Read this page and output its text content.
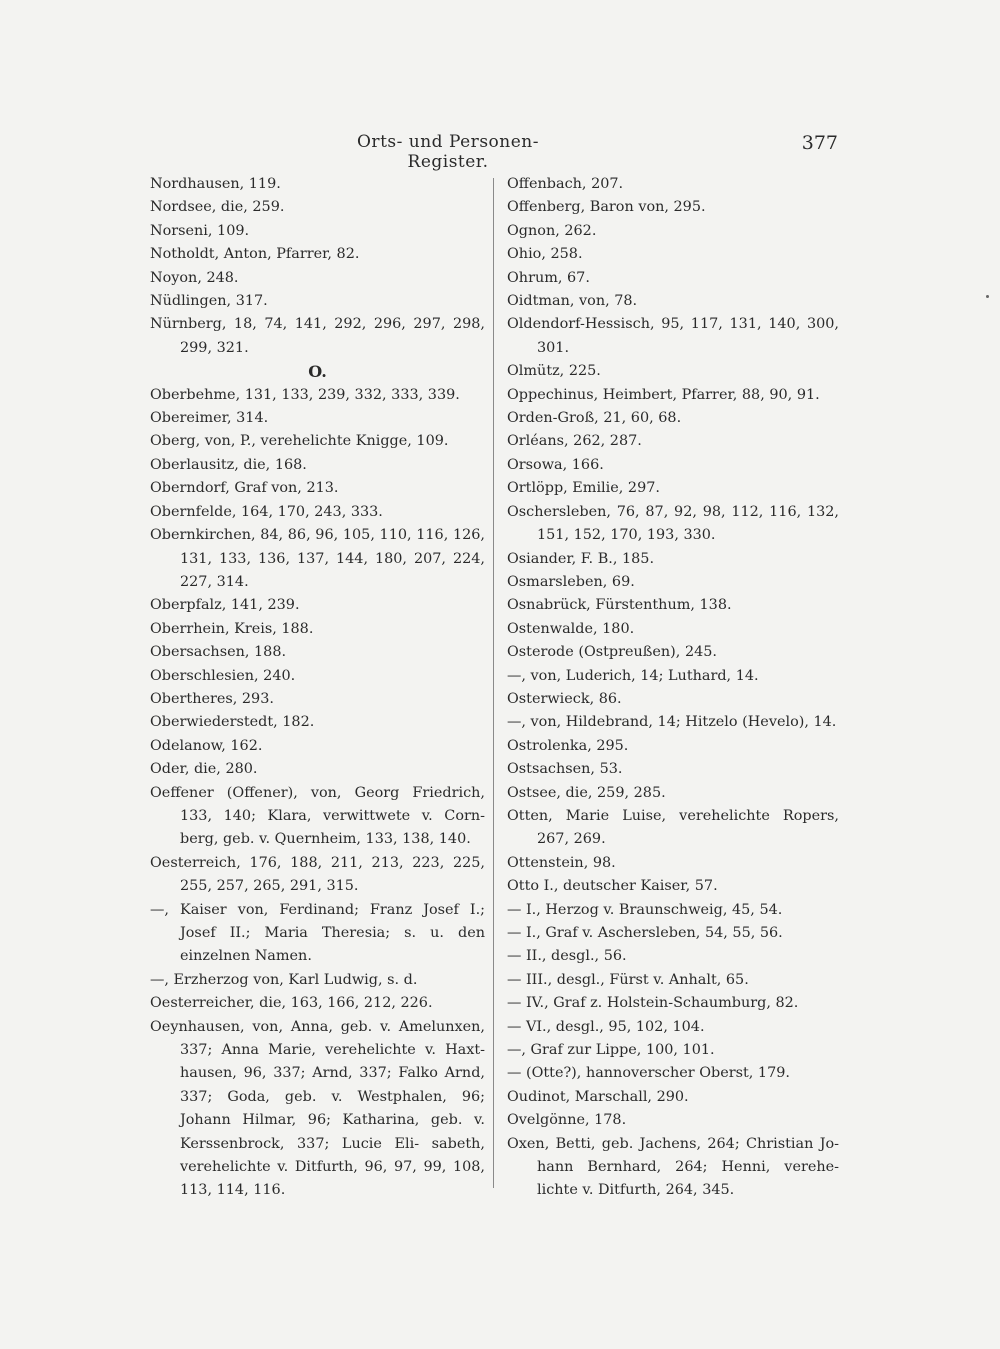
Orts- und Personen-Register.
377
Nordhausen, 119.
Nordsee, die, 259.
Norseni, 109.
Notholdt, Anton, Pfarrer, 82.
Noyon, 248.
Nüdlingen, 317.
Nürnberg, 18, 74, 141, 292, 296, 297, 298, 299, 321.
O.
Oberbehme, 131, 133, 239, 332, 333, 339.
Obereimer, 314.
Oberg, von, P., verehelichte Knigge, 109.
Oberlausitz, die, 168.
Oberndorf, Graf von, 213.
Obernfelde, 164, 170, 243, 333.
Obernkirchen, 84, 86, 96, 105, 110, 116, 126, 131, 133, 136, 137, 144, 180, 207, 224, 227, 314.
Oberpfalz, 141, 239.
Oberrhein, Kreis, 188.
Obersachsen, 188.
Oberschlesien, 240.
Obertheres, 293.
Oberwiederstedt, 182.
Odelanow, 162.
Oder, die, 280.
Oeffener (Offener), von, Georg Friedrich, 133, 140; Klara, verwittwete v. Corn- berg, geb. v. Quernheim, 133, 138, 140.
Oesterreich, 176, 188, 211, 213, 223, 225, 255, 257, 265, 291, 315.
—, Kaiser von, Ferdinand; Franz Josef I.; Josef II.; Maria Theresia; s. u. den einzelnen Namen.
—, Erzherzog von, Karl Ludwig, s. d.
Oesterreicher, die, 163, 166, 212, 226.
Oeynhausen, von, Anna, geb. v. Amelunxen, 337; Anna Marie, verehelichte v. Haxt- hausen, 96, 337; Arnd, 337; Falko Arnd, 337; Goda, geb. v. Westphalen, 96; Johann Hilmar, 96; Katharina, geb. v. Kerssenbrock, 337; Lucie Eli- sabeth, verehelichte v. Ditfurth, 96, 97, 99, 108, 113, 114, 116.
Offenbach, 207.
Offenberg, Baron von, 295.
Ognon, 262.
Ohio, 258.
Ohrum, 67.
Oidtman, von, 78.
Oldendorf-Hessisch, 95, 117, 131, 140, 300, 301.
Olmütz, 225.
Oppechinus, Heimbert, Pfarrer, 88, 90, 91.
Orden-Groß, 21, 60, 68.
Orléans, 262, 287.
Orsowa, 166.
Ortlöpp, Emilie, 297.
Oschersleben, 76, 87, 92, 98, 112, 116, 132, 151, 152, 170, 193, 330.
Osiander, F. B., 185.
Osmarsleben, 69.
Osnabrück, Fürstenthum, 138.
Ostenwalde, 180.
Osterode (Ostpreußen), 245.
—, von, Luderich, 14; Luthard, 14.
Osterwieck, 86.
—, von, Hildebrand, 14; Hitzelo (Hevelo), 14.
Ostrolenka, 295.
Ostsachsen, 53.
Ostsee, die, 259, 285.
Otten, Marie Luise, verehelichte Ropers, 267, 269.
Ottenstein, 98.
Otto I., deutscher Kaiser, 57.
— I., Herzog v. Braunschweig, 45, 54.
— I., Graf v. Aschersleben, 54, 55, 56.
— II., desgl., 56.
— III., desgl., Fürst v. Anhalt, 65.
— IV., Graf z. Holstein-Schaumburg, 82.
— VI., desgl., 95, 102, 104.
—, Graf zur Lippe, 100, 101.
— (Otte?), hannoverscher Oberst, 179.
Oudinot, Marschall, 290.
Ovelgönne, 178.
Oxen, Betti, geb. Jachens, 264; Christian Jo- hann Bernhard, 264; Henni, verehe- lichte v. Ditfurth, 264, 345.
